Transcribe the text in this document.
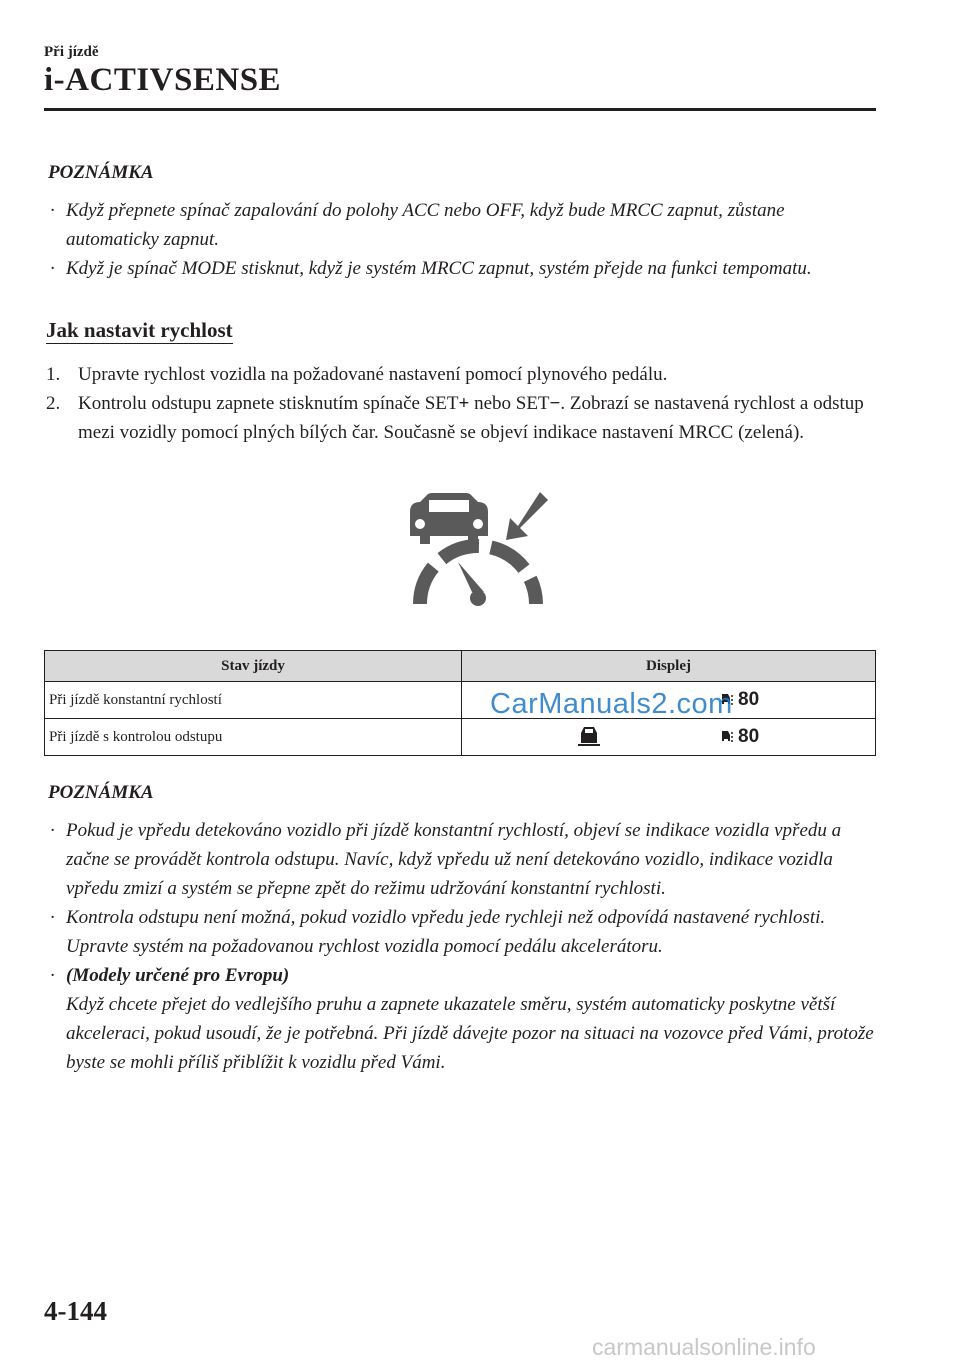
Při jízdě
i-ACTIVSENSE
POZNÁMKA
· Když přepnete spínač zapalování do polohy ACC nebo OFF, když bude MRCC zapnut, zůstane automaticky zapnut.
· Když je spínač MODE stisknut, když je systém MRCC zapnut, systém přejde na funkci tempomatu.
Jak nastavit rychlost
1. Upravte rychlost vozidla na požadované nastavení pomocí plynového pedálu.
2. Kontrolu odstupu zapnete stisknutím spínače SET+ nebo SET−. Zobrazí se nastavená rychlost a odstup mezi vozidly pomocí plných bílých čar. Současně se objeví indikace nastavení MRCC (zelená).
Stav jízdy	Displej
Při jízdě konstantní rychlostí	80

Při jízdě s kontrolou odstupu	80
CarManuals2.com
POZNÁMKA
· Pokud je vpředu detekováno vozidlo při jízdě konstantní rychlostí, objeví se indikace vozidla vpředu a začne se provádět kontrola odstupu. Navíc, když vpředu už není detekováno vozidlo, indikace vozidla vpředu zmizí a systém se přepne zpět do režimu udržování konstantní rychlosti.
· Kontrola odstupu není možná, pokud vozidlo vpředu jede rychleji než odpovídá nastavené rychlosti. Upravte systém na požadovanou rychlost vozidla pomocí pedálu akcelerátoru.
· (Modely určené pro Evropu)
Když chcete přejet do vedlejšího pruhu a zapnete ukazatele směru, systém automaticky poskytne větší akceleraci, pokud usoudí, že je potřebná. Při jízdě dávejte pozor na situaci na vozovce před Vámi, protože byste se mohli příliš přiblížit k vozidlu před Vámi.
4-144
carmanualsonline.info
